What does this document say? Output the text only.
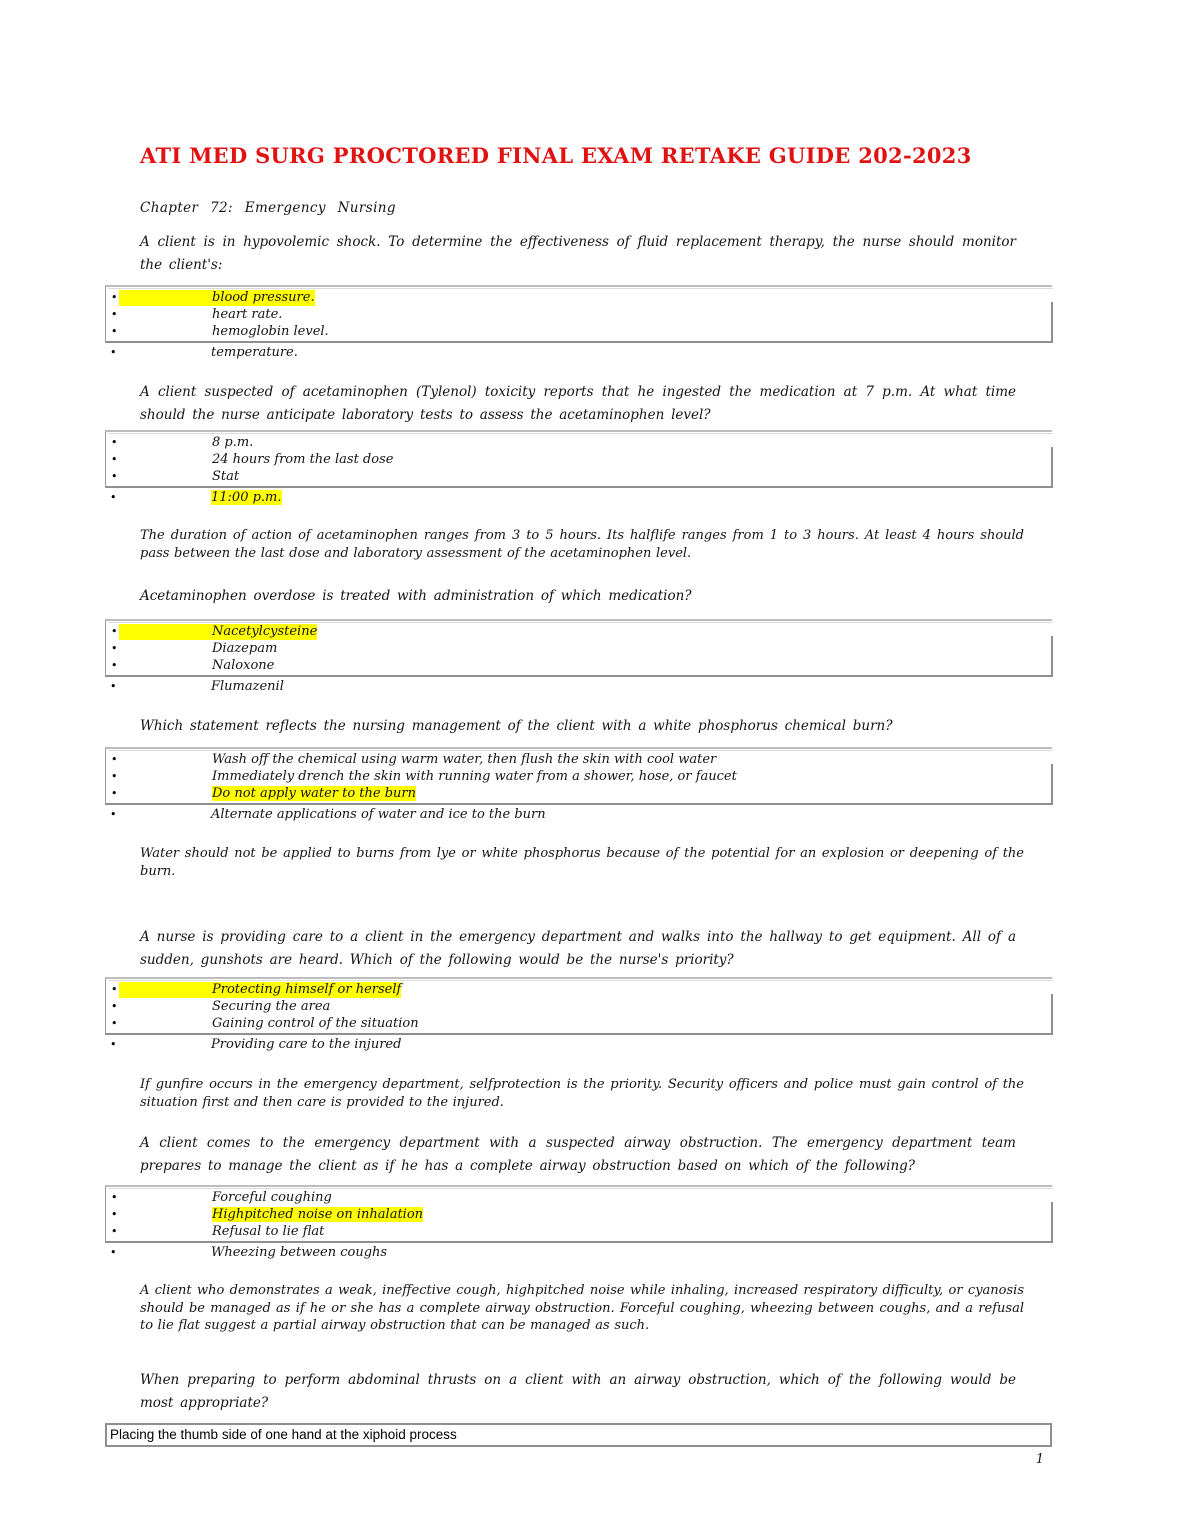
ATI MED SURG PROCTORED FINAL EXAM RETAKE GUIDE 202-2023
Chapter 72: Emergency Nursing

A client is in hypovolemic shock. To determine the effectiveness of fluid replacement therapy, the nurse should monitor the client's:

•	blood pressure.
•	heart rate.
•	hemoglobin level.
•	temperature.

A client suspected of acetaminophen (Tylenol) toxicity reports that he ingested the medication at 7 p.m. At what time should the nurse anticipate laboratory tests to assess the acetaminophen level?

•	8 p.m.
•	24 hours from the last dose
•	Stat
•	11:00 p.m.

The duration of action of acetaminophen ranges from 3 to 5 hours. Its halflife ranges from 1 to 3 hours. At least 4 hours should pass between the last dose and laboratory assessment of the acetaminophen level.

Acetaminophen overdose is treated with administration of which medication?

•	Nacetylcysteine
•	Diazepam
•	Naloxone
•	Flumazenil

Which statement reflects the nursing management of the client with a white phosphorus chemical burn?

•	Wash off the chemical using warm water, then flush the skin with cool water
•	Immediately drench the skin with running water from a shower, hose, or faucet
•	Do not apply water to the burn
•	Alternate applications of water and ice to the burn

Water should not be applied to burns from lye or white phosphorus because of the potential for an explosion or deepening of the burn.

A nurse is providing care to a client in the emergency department and walks into the hallway to get equipment. All of a sudden, gunshots are heard. Which of the following would be the nurse's priority?

•	Protecting himself or herself
•	Securing the area
•	Gaining control of the situation
•	Providing care to the injured

If gunfire occurs in the emergency department, selfprotection is the priority. Security officers and police must gain control of the situation first and then care is provided to the injured.

A client comes to the emergency department with a suspected airway obstruction. The emergency department team prepares to manage the client as if he has a complete airway obstruction based on which of the following?

•	Forceful coughing
•	Highpitched noise on inhalation
•	Refusal to lie flat
•	Wheezing between coughs

A client who demonstrates a weak, ineffective cough, highpitched noise while inhaling, increased respiratory difficulty, or cyanosis should be managed as if he or she has a complete airway obstruction. Forceful coughing, wheezing between coughs, and a refusal to lie flat suggest a partial airway obstruction that can be managed as such.

When preparing to perform abdominal thrusts on a client with an airway obstruction, which of the following would be most appropriate?

Placing the thumb side of one hand at the xiphoid process
1
